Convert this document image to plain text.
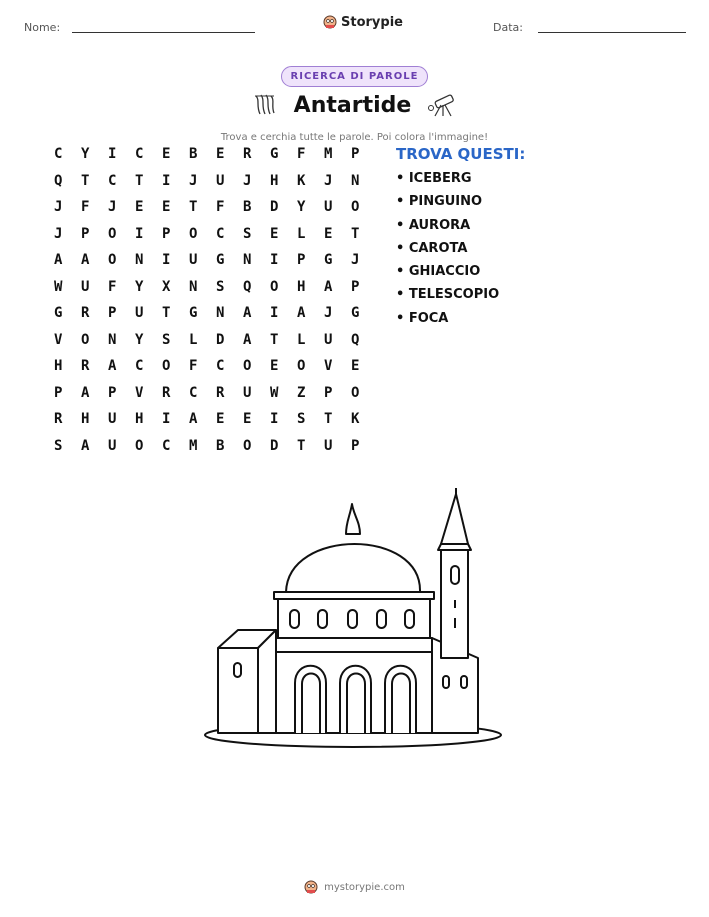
Nome:	Storypie	Data:
RICERCA DI PAROLE
Antartide
Trova e cerchia tutte le parole. Poi colora l'immagine!
C	Y	I	C	E	B	E	R	G	F	M	P
Q	T	C	T	I	J	U	J	H	K	J	N
J	F	J	E	E	T	F	B	D	Y	U	O
J	P	O	I	P	O	C	S	E	L	E	T
A	A	O	N	I	U	G	N	I	P	G	J
W	U	F	Y	X	N	S	Q	O	H	A	P
G	R	P	U	T	G	N	A	I	A	J	G
V	O	N	Y	S	L	D	A	T	L	U	Q
H	R	A	C	O	F	C	O	E	O	V	E
P	A	P	V	R	C	R	U	W	Z	P	O
R	H	U	H	I	A	E	E	I	S	T	K
S	A	U	O	C	M	B	O	D	T	U	P
TROVA QUESTI:
• ICEBERG
• PINGUINO
• AURORA
• CAROTA
• GHIACCIO
• TELESCOPIO
• FOCA
mystorypie.com
